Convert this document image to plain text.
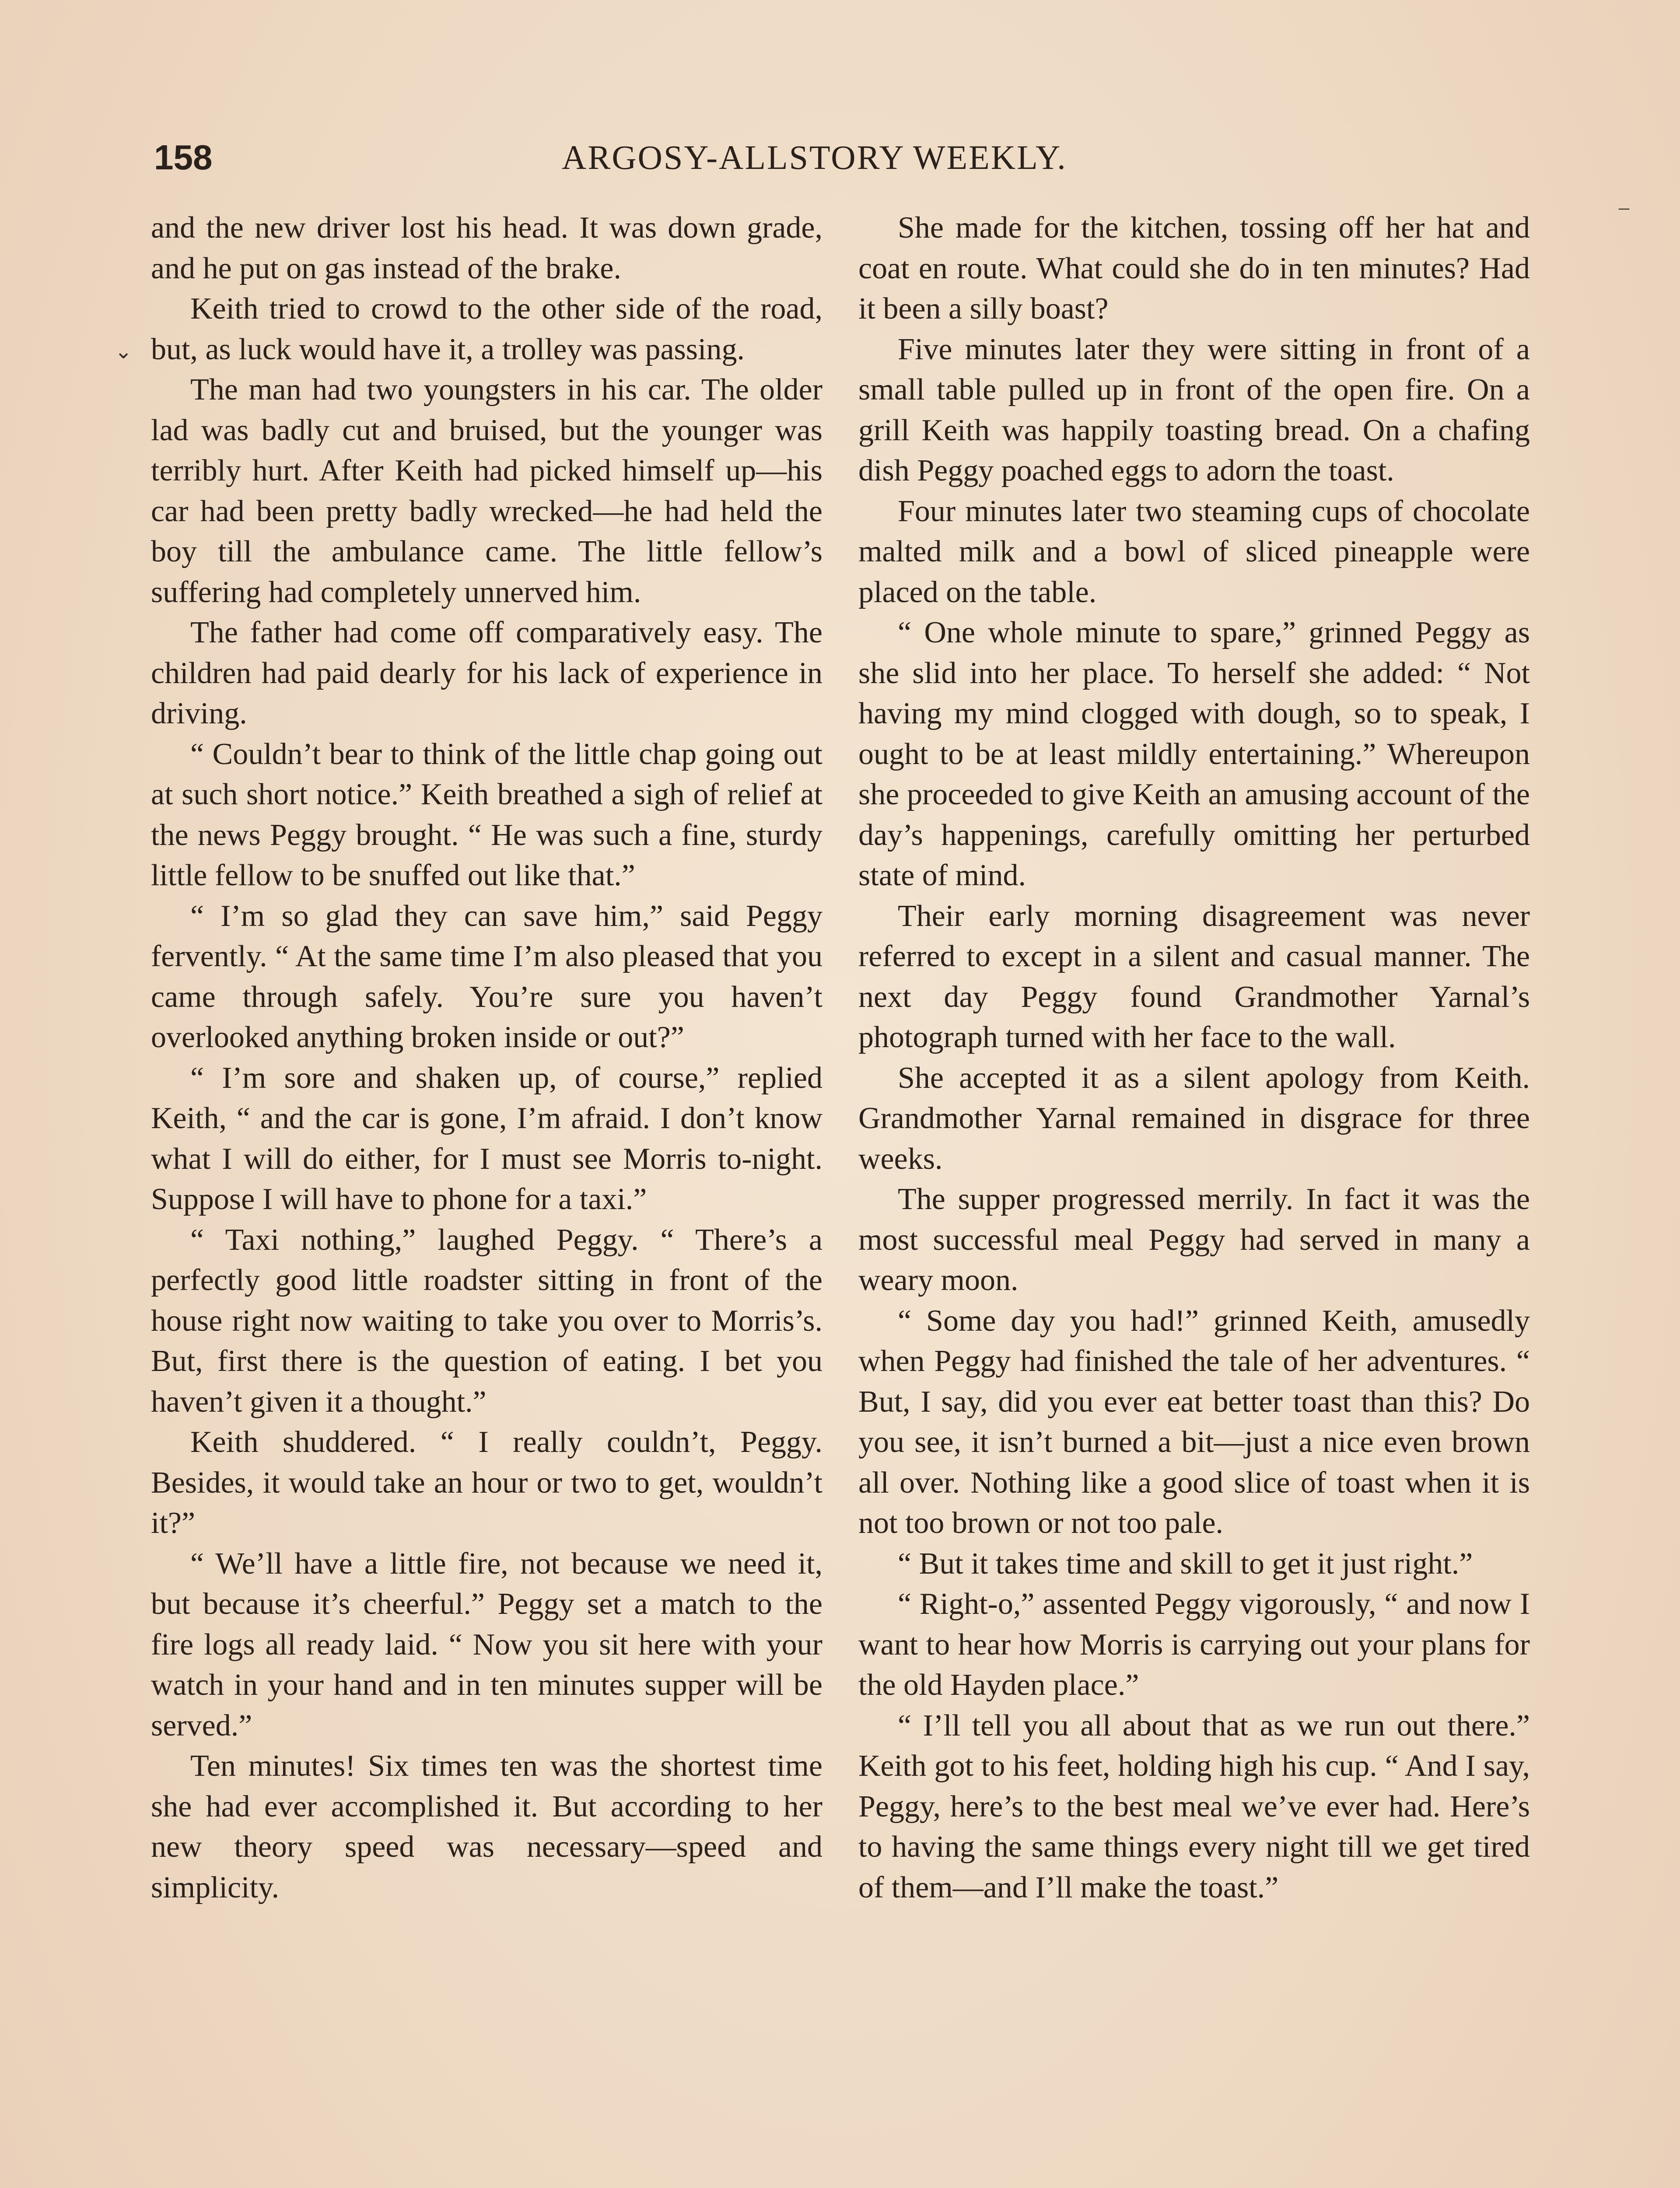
158	ARGOSY-ALLSTORY WEEKLY.

and the new driver lost his head. It was down grade, and he put on gas instead of the brake.

Keith tried to crowd to the other side of the road, but, as luck would have it, a trolley was passing.

The man had two youngsters in his car. The older lad was badly cut and bruised, but the younger was terribly hurt. After Keith had picked himself up—his car had been pretty badly wrecked—he had held the boy till the ambulance came. The little fellow’s suffering had completely unnerved him.

The father had come off comparatively easy. The children had paid dearly for his lack of experience in driving.

“ Couldn’t bear to think of the little chap going out at such short notice.” Keith breathed a sigh of relief at the news Peggy brought. “ He was such a fine, sturdy little fellow to be snuffed out like that.”

“ I’m so glad they can save him,” said Peggy fervently. “ At the same time I’m also pleased that you came through safely. You’re sure you haven’t overlooked anything broken inside or out?”

“ I’m sore and shaken up, of course,” replied Keith, “ and the car is gone, I’m afraid. I don’t know what I will do either, for I must see Morris to-night. Suppose I will have to phone for a taxi.”

“ Taxi nothing,” laughed Peggy. “ There’s a perfectly good little roadster sitting in front of the house right now waiting to take you over to Morris’s. But, first there is the question of eating. I bet you haven’t given it a thought.”

Keith shuddered. “ I really couldn’t, Peggy. Besides, it would take an hour or two to get, wouldn’t it?”

“ We’ll have a little fire, not because we need it, but because it’s cheerful.” Peggy set a match to the fire logs all ready laid. “ Now you sit here with your watch in your hand and in ten minutes supper will be served.”

Ten minutes! Six times ten was the shortest time she had ever accomplished it. But according to her new theory speed was necessary—speed and simplicity.

She made for the kitchen, tossing off her hat and coat en route. What could she do in ten minutes? Had it been a silly boast?

Five minutes later they were sitting in front of a small table pulled up in front of the open fire. On a grill Keith was happily toasting bread. On a chafing dish Peggy poached eggs to adorn the toast.

Four minutes later two steaming cups of chocolate malted milk and a bowl of sliced pineapple were placed on the table.

“ One whole minute to spare,” grinned Peggy as she slid into her place. To herself she added: “ Not having my mind clogged with dough, so to speak, I ought to be at least mildly entertaining.” Whereupon she proceeded to give Keith an amusing account of the day’s happenings, carefully omitting her perturbed state of mind.

Their early morning disagreement was never referred to except in a silent and casual manner. The next day Peggy found Grandmother Yarnal’s photograph turned with her face to the wall.

She accepted it as a silent apology from Keith. Grandmother Yarnal remained in disgrace for three weeks.

The supper progressed merrily. In fact it was the most successful meal Peggy had served in many a weary moon.

“ Some day you had!” grinned Keith, amusedly when Peggy had finished the tale of her adventures. “ But, I say, did you ever eat better toast than this? Do you see, it isn’t burned a bit—just a nice even brown all over. Nothing like a good slice of toast when it is not too brown or not too pale.

“ But it takes time and skill to get it just right.”

“ Right-o,” assented Peggy vigorously, “ and now I want to hear how Morris is carrying out your plans for the old Hayden place.”

“ I’ll tell you all about that as we run out there.” Keith got to his feet, holding high his cup. “ And I say, Peggy, here’s to the best meal we’ve ever had. Here’s to having the same things every night till we get tired of them—and I’ll make the toast.”

⌄
–
